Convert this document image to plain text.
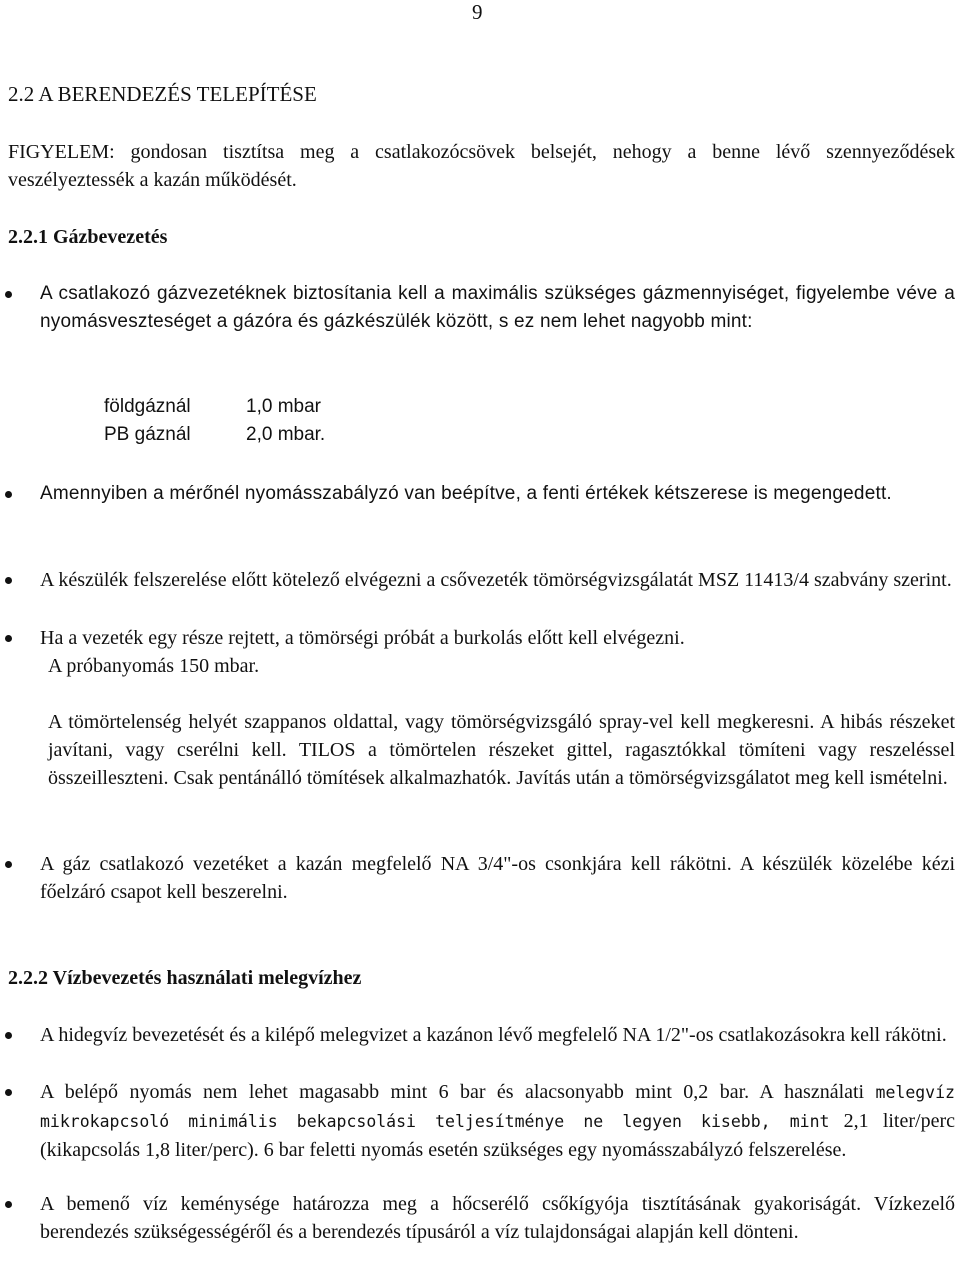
9
2.2 A BERENDEZÉS TELEPÍTÉSE
FIGYELEM: gondosan tisztítsa meg a csatlakozócsövek belsejét, nehogy a benne lévő szennyeződések veszélyeztessék a kazán működését.
2.2.1 Gázbevezetés
A csatlakozó gázvezetéknek biztosítania kell a maximális szükséges gázmennyiséget, figyelembe véve a nyomásveszteséget a gázóra és gázkészülék között, s ez nem lehet nagyobb mint:
földgáznál	1,0 mbar
PB gáznál	2,0 mbar.
Amennyiben a mérőnél nyomásszabályzó van beépítve, a fenti értékek kétszerese is megengedett.
A készülék felszerelése előtt kötelező elvégezni a csővezeték tömörségvizsgálatát MSZ 11413/4 szabvány szerint.
Ha a vezeték egy része rejtett, a tömörségi próbát a burkolás előtt kell elvégezni.
A próbanyomás 150 mbar.
A tömörtelenség helyét szappanos oldattal, vagy tömörségvizsgáló spray-vel kell megkeresni. A hibás részeket javítani, vagy cserélni kell. TILOS a tömörtelen részeket gittel, ragasztókkal tömíteni vagy reszeléssel összeilleszteni. Csak pentánálló tömítések alkalmazhatók. Javítás után a tömörségvizsgálatot meg kell ismételni.
A gáz csatlakozó vezetéket a kazán megfelelő NA 3/4"-os csonkjára kell rákötni. A készülék közelébe kézi főelzáró csapot kell beszerelni.
2.2.2 Vízbevezetés használati melegvízhez
A hidegvíz bevezetését és a kilépő melegvizet a kazánon lévő megfelelő NA 1/2"-os csatlakozásokra kell rákötni.
A belépő nyomás nem lehet magasabb mint 6 bar és alacsonyabb mint 0,2 bar. A használati melegvíz mikrokapcsoló minimális bekapcsolási teljesítménye ne legyen kisebb, mint 2,1 liter/perc (kikapcsolás 1,8 liter/perc). 6 bar feletti nyomás esetén szükséges egy nyomásszabályzó felszerelése.
A bemenő víz keménysége határozza meg a hőcserélő csőkígyója tisztításának gyakoriságát. Vízkezelő berendezés szükségességéről és a berendezés típusáról a víz tulajdonságai alapján kell dönteni.
